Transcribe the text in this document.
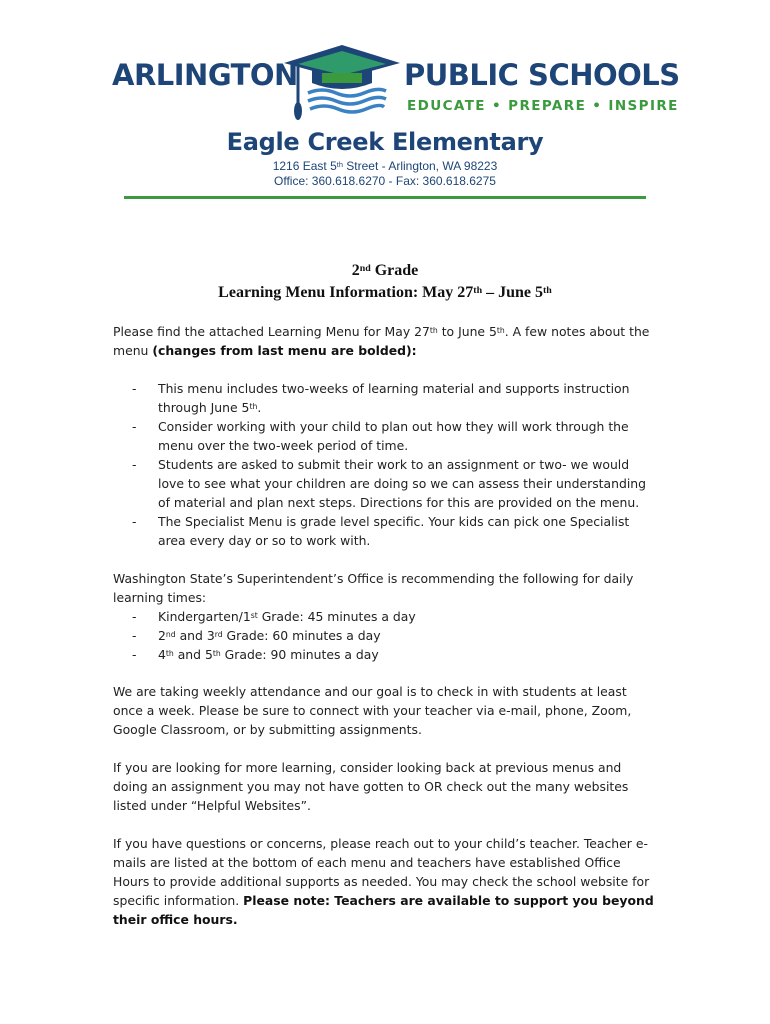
ARLINGTON	PUBLIC SCHOOLS
EDUCATE • PREPARE • INSPIRE
Eagle Creek Elementary
1216 East 5th Street - Arlington, WA 98223
Office: 360.618.6270 - Fax: 360.618.6275
2nd Grade
Learning Menu Information: May 27th – June 5th
Please find the attached Learning Menu for May 27th to June 5th. A few notes about the menu (changes from last menu are bolded):
- This menu includes two-weeks of learning material and supports instruction through June 5th.
- Consider working with your child to plan out how they will work through the menu over the two-week period of time.
- Students are asked to submit their work to an assignment or two- we would love to see what your children are doing so we can assess their understanding of material and plan next steps. Directions for this are provided on the menu.
- The Specialist Menu is grade level specific. Your kids can pick one Specialist area every day or so to work with.
Washington State’s Superintendent’s Office is recommending the following for daily learning times:
- Kindergarten/1st Grade: 45 minutes a day
- 2nd and 3rd Grade: 60 minutes a day
- 4th and 5th Grade: 90 minutes a day
We are taking weekly attendance and our goal is to check in with students at least once a week. Please be sure to connect with your teacher via e-mail, phone, Zoom, Google Classroom, or by submitting assignments.
If you are looking for more learning, consider looking back at previous menus and doing an assignment you may not have gotten to OR check out the many websites listed under “Helpful Websites”.
If you have questions or concerns, please reach out to your child’s teacher. Teacher e-mails are listed at the bottom of each menu and teachers have established Office Hours to provide additional supports as needed. You may check the school website for specific information. Please note: Teachers are available to support you beyond their office hours.
